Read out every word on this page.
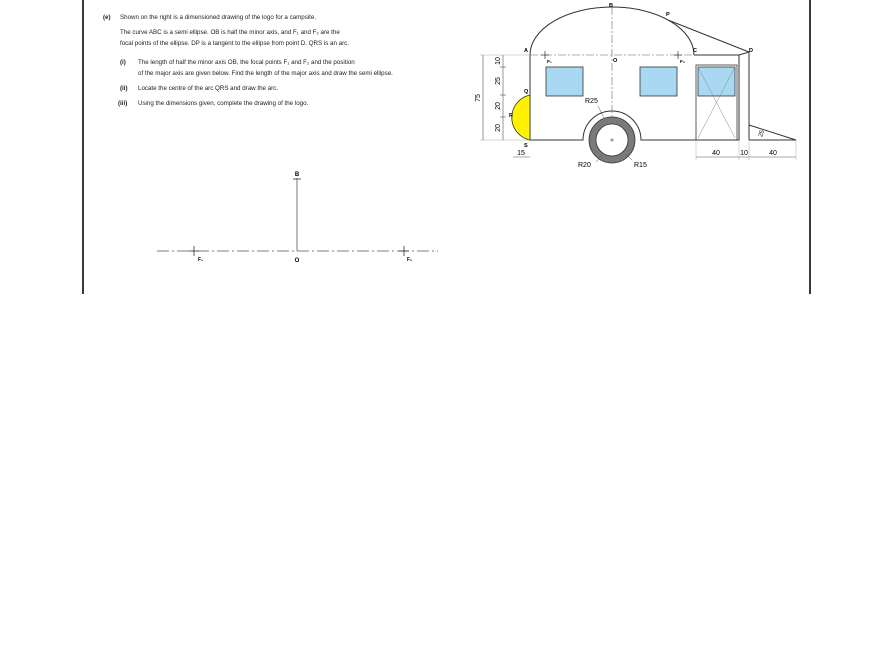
(e) Shown on the right is a dimensioned drawing of the logo for a campsite.
The curve ABC is a semi ellipse. OB is half the minor axis, and F₁ and F₂ are the
focal points of the ellipse. DP is a tangent to the ellipse from point D. QRS is an arc.
(i) The length of half the minor axis OB, the focal points F₁ and F₂ and the position
of the major axis are given below. Find the length of the major axis and draw the semi ellipse.
(ii) Locate the centre of the arc QRS and draw the arc.
(iii) Using the dimensions given, complete the drawing of the logo.
B
O
F₁	F₂
B
P
A	C	D
O
F₁	F₂
Q
R
S
75
10
25
20
20
15	40	10	40
25
R25
R20	R15
